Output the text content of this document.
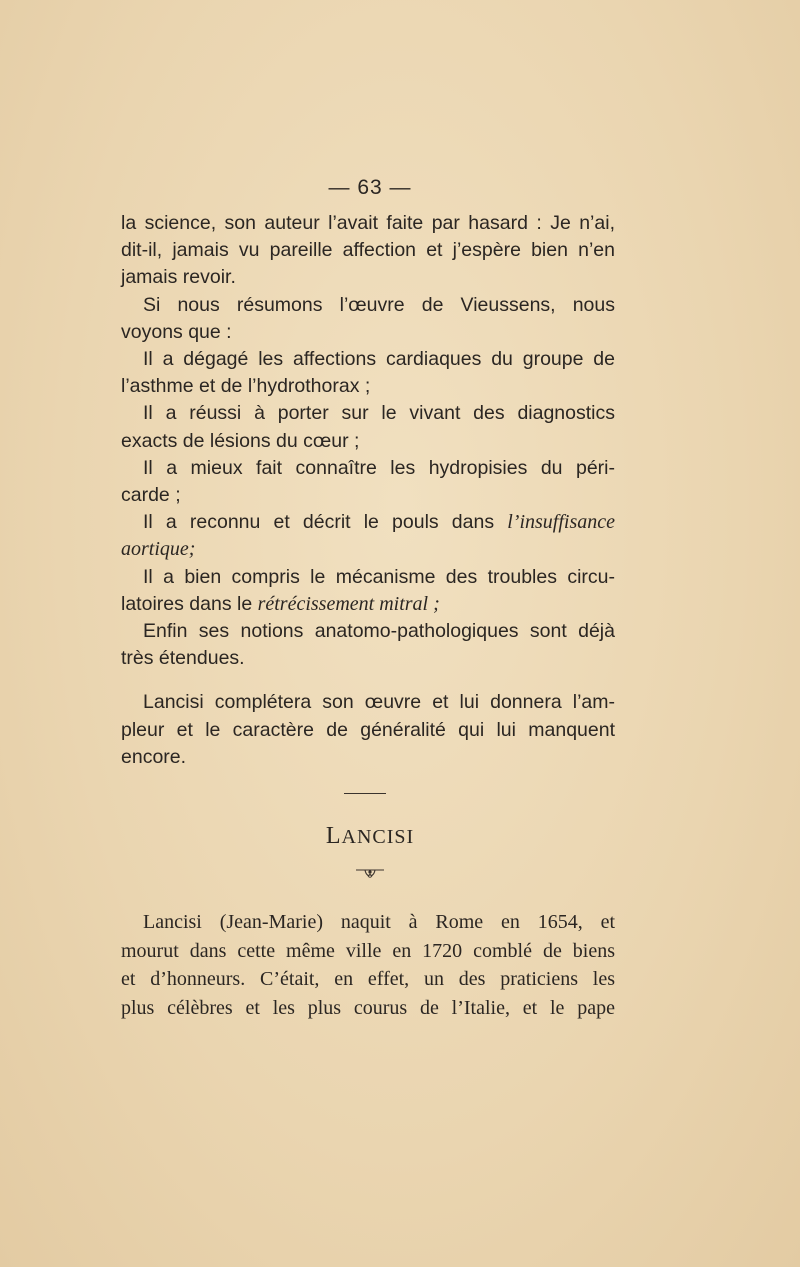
— 63 —
la science, son auteur l’avait faite par hasard : Je n’ai,
dit-il, jamais vu pareille affection et j’espère bien n’en
jamais revoir.
Si nous résumons l’œuvre de Vieussens, nous
voyons que :
Il a dégagé les affections cardiaques du groupe de
l’asthme et de l’hydrothorax ;
Il a réussi à porter sur le vivant des diagnostics
exacts de lésions du cœur ;
Il a mieux fait connaître les hydropisies du péri-
carde ;
Il a reconnu et décrit le pouls dans l’insuffisance
aortique;
Il a bien compris le mécanisme des troubles circu-
latoires dans le rétrécissement mitral ;
Enfin ses notions anatomo-pathologiques sont déjà
très étendues.
Lancisi complétera son œuvre et lui donnera l’am-
pleur et le caractère de généralité qui lui manquent
encore.
LANCISI
Lancisi (Jean-Marie) naquit à Rome en 1654, et
mourut dans cette même ville en 1720 comblé de biens
et d’honneurs. C’était, en effet, un des praticiens les
plus célèbres et les plus courus de l’Italie, et le pape
